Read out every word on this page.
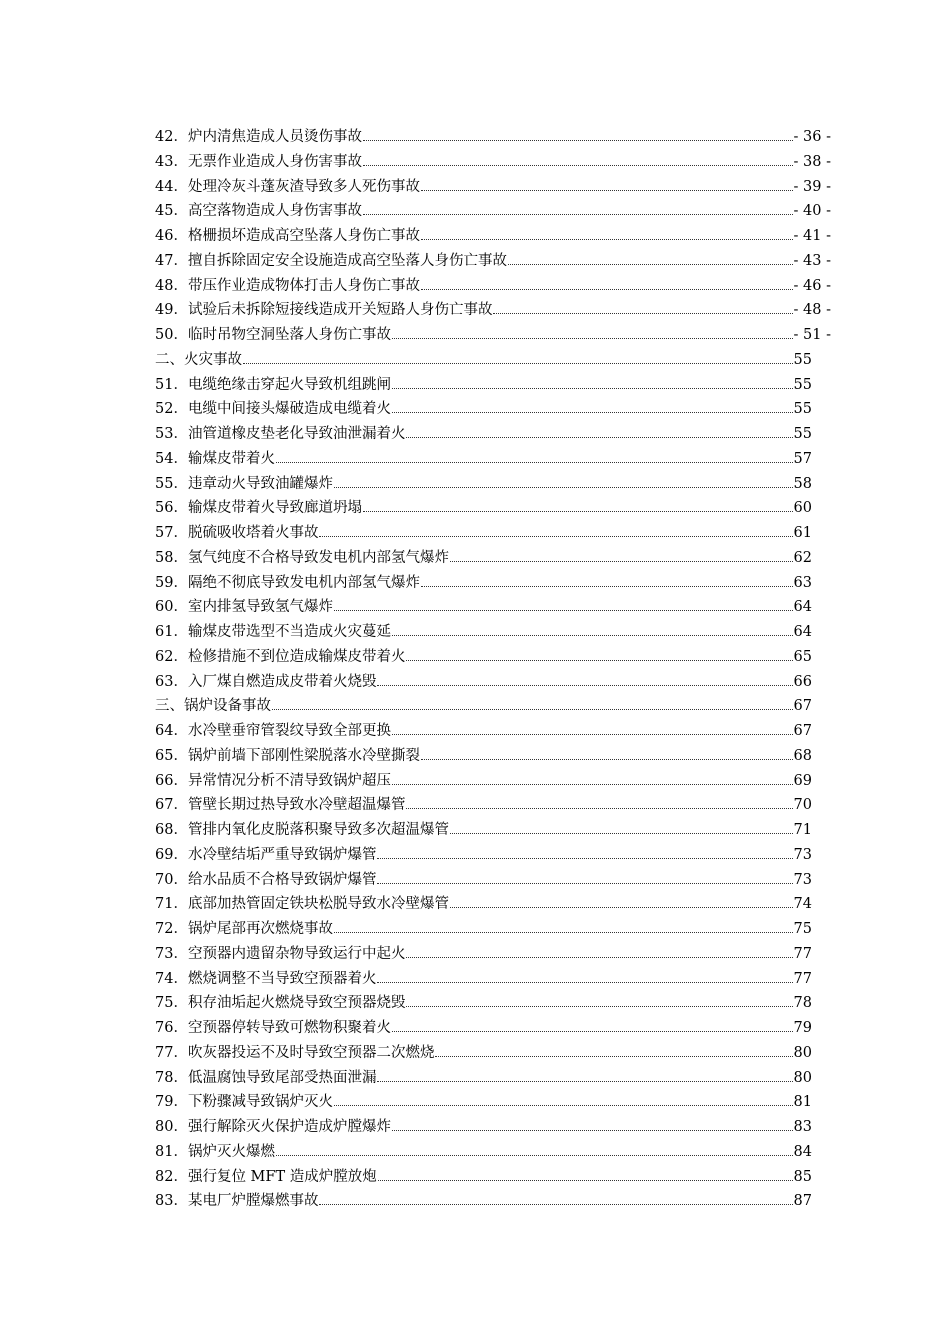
42．炉内清焦造成人员烫伤事故	- 36 -
43．无票作业造成人身伤害事故	- 38 -
44．处理冷灰斗蓬灰渣导致多人死伤事故	- 39 -
45．高空落物造成人身伤害事故	- 40 -
46．格栅损坏造成高空坠落人身伤亡事故	- 41 -
47．擅自拆除固定安全设施造成高空坠落人身伤亡事故	- 43 -
48．带压作业造成物体打击人身伤亡事故	- 46 -
49．试验后未拆除短接线造成开关短路人身伤亡事故	- 48 -
50．临时吊物空洞坠落人身伤亡事故	- 51 -
二、火灾事故	55
51．电缆绝缘击穿起火导致机组跳闸	55
52．电缆中间接头爆破造成电缆着火	55
53．油管道橡皮垫老化导致油泄漏着火	55
54．输煤皮带着火	57
55．违章动火导致油罐爆炸	58
56．输煤皮带着火导致廊道坍塌	60
57．脱硫吸收塔着火事故	61
58．氢气纯度不合格导致发电机内部氢气爆炸	62
59．隔绝不彻底导致发电机内部氢气爆炸	63
60．室内排氢导致氢气爆炸	64
61．输煤皮带选型不当造成火灾蔓延	64
62．检修措施不到位造成输煤皮带着火	65
63．入厂煤自燃造成皮带着火烧毁	66
三、锅炉设备事故	67
64．水冷壁垂帘管裂纹导致全部更换	67
65．锅炉前墙下部刚性梁脱落水冷壁撕裂	68
66．异常情况分析不清导致锅炉超压	69
67．管壁长期过热导致水冷壁超温爆管	70
68．管排内氧化皮脱落积聚导致多次超温爆管	71
69．水冷壁结垢严重导致锅炉爆管	73
70．给水品质不合格导致锅炉爆管	73
71．底部加热管固定铁块松脱导致水冷壁爆管	74
72．锅炉尾部再次燃烧事故	75
73．空预器内遗留杂物导致运行中起火	77
74．燃烧调整不当导致空预器着火	77
75．积存油垢起火燃烧导致空预器烧毁	78
76．空预器停转导致可燃物积聚着火	79
77．吹灰器投运不及时导致空预器二次燃烧	80
78．低温腐蚀导致尾部受热面泄漏	80
79．下粉骤减导致锅炉灭火	81
80．强行解除灭火保护造成炉膛爆炸	83
81．锅炉灭火爆燃	84
82．强行复位 MFT 造成炉膛放炮	85
83．某电厂炉膛爆燃事故	87
